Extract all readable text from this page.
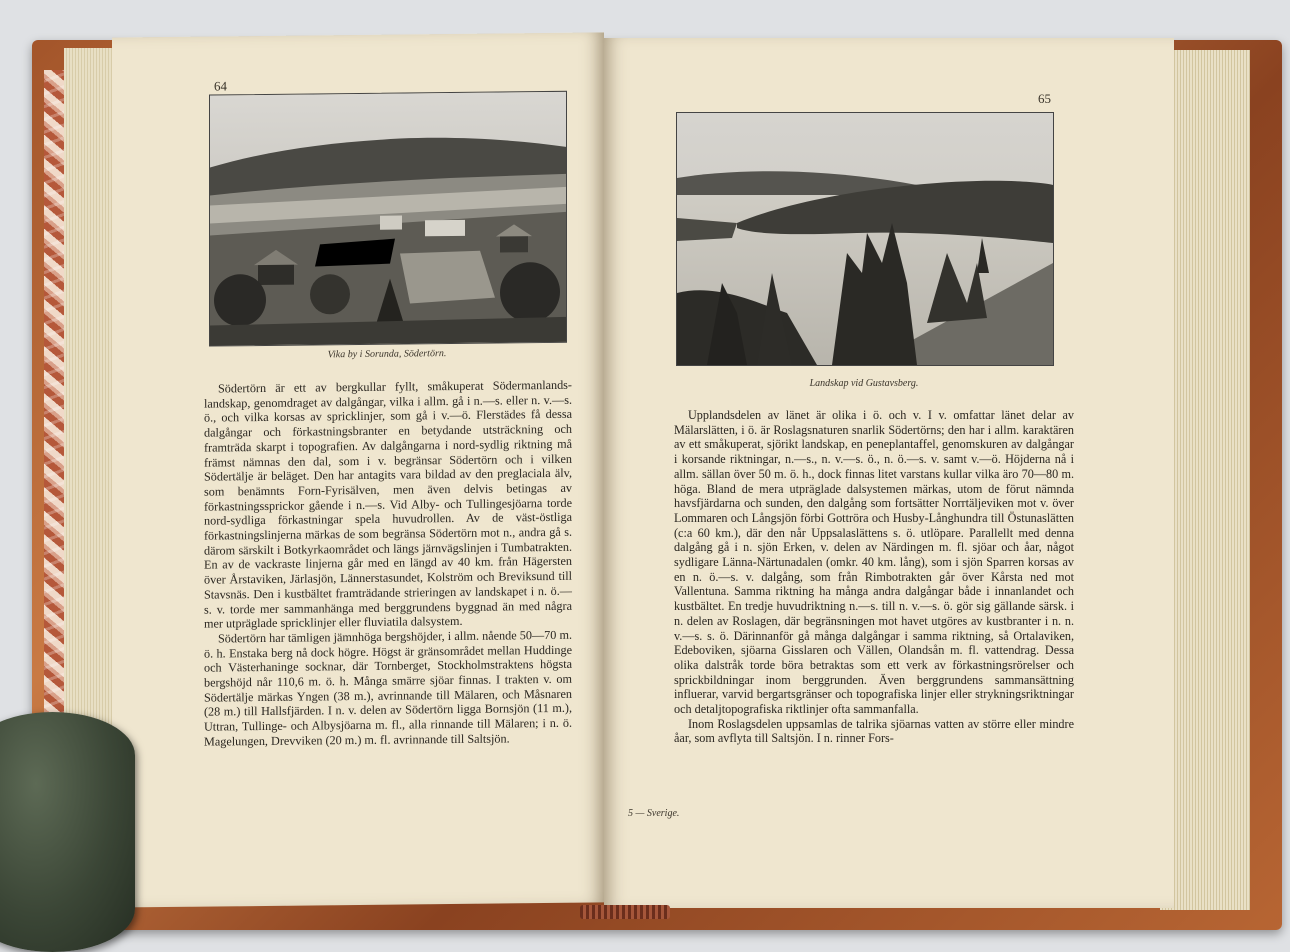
64
Vika by i Sorunda, Södertörn.

Södertörn är ett av bergkullar fyllt, småkuperat Södermanlands-landskap, genomdraget av dalgångar, vilka i allm. gå i n.—s. eller n. v.—s. ö., och vilka korsas av spricklinjer, som gå i v.—ö. Flerstädes få dessa dalgångar och förkastningsbranter en betydande utsträckning och framträda skarpt i topografien. Av dalgångarna i nord-sydlig riktning må främst nämnas den dal, som i v. begränsar Södertörn och i vilken Södertälje är beläget. Den har antagits vara bildad av den preglaciala älv, som benämnts Forn-Fyrisälven, men även delvis betingas av förkastningssprickor gående i n.—s. Vid Alby- och Tullingesjöarna torde nord-sydliga förkastningar spela huvudrollen. Av de väst-östliga förkastningslinjerna märkas de som begränsa Södertörn mot n., andra gå s. därom särskilt i Botkyrkaområdet och längs järnvägslinjen i Tumbatrakten. En av de vackraste linjerna går med en längd av 40 km. från Hägersten över Årstaviken, Järlasjön, Lännerstasundet, Kolström och Breviksund till Stavsnäs. Den i kustbältet framträdande strieringen av landskapet i n. ö.—s. v. torde mer sammanhänga med berggrundens byggnad än med några mer utpräglade spricklinjer eller fluviatila dalsystem.

Södertörn har tämligen jämnhöga bergshöjder, i allm. nående 50—70 m. ö. h. Enstaka berg nå dock högre. Högst är gränsområdet mellan Huddinge och Västerhaninge socknar, där Tornberget, Stockholmstraktens högsta bergshöjd når 110,6 m. ö. h. Många smärre sjöar finnas. I trakten v. om Södertälje märkas Yngen (38 m.), avrinnande till Mälaren, och Måsnaren (28 m.) till Hallsfjärden. I n. v. delen av Södertörn ligga Bornsjön (11 m.), Uttran, Tullinge- och Albysjöarna m. fl., alla rinnande till Mälaren; i n. ö. Magelungen, Drevviken (20 m.) m. fl. avrinnande till Saltsjön.

65
Landskap vid Gustavsberg.

Upplandsdelen av länet är olika i ö. och v. I v. omfattar länet delar av Mälarslätten, i ö. är Roslagsnaturen snarlik Södertörns; den har i allm. karaktären av ett småkuperat, sjörikt landskap, en peneplantaffel, genomskuren av dalgångar i korsande riktningar, n.—s., n. v.—s. ö., n. ö.—s. v. samt v.—ö. Höjderna nå i allm. sällan över 50 m. ö. h., dock finnas litet varstans kullar vilka äro 70—80 m. höga. Bland de mera utpräglade dalsystemen märkas, utom de förut nämnda havsfjärdarna och sunden, den dalgång som fortsätter Norrtäljeviken mot v. över Lommaren och Långsjön förbi Gottröra och Husby-Långhundra till Östunaslätten (c:a 60 km.), där den når Uppsalaslättens s. ö. utlöpare. Parallellt med denna dalgång gå i n. sjön Erken, v. delen av Närdingen m. fl. sjöar och åar, något sydligare Länna-Närtunadalen (omkr. 40 km. lång), som i sjön Sparren korsas av en n. ö.—s. v. dalgång, som från Rimbotrakten går över Kårsta ned mot Vallentuna. Samma riktning ha många andra dalgångar både i innanlandet och kustbältet. En tredje huvudriktning n.—s. till n. v.—s. ö. gör sig gällande särsk. i n. delen av Roslagen, där begränsningen mot havet utgöres av kustbranter i n. n. v.—s. s. ö. Därinnanför gå många dalgångar i samma riktning, så Ortalaviken, Edeboviken, sjöarna Gisslaren och Vällen, Olandsån m. fl. vattendrag. Dessa olika dalstråk torde böra betraktas som ett verk av förkastningsrörelser och sprickbildningar inom berggrunden. Även berggrundens sammansättning influerar, varvid bergartsgränser och topografiska linjer eller strykningsriktningar och detaljtopografiska riktlinjer ofta sammanfalla.

Inom Roslagsdelen uppsamlas de talrika sjöarnas vatten av större eller mindre åar, som avflyta till Saltsjön. I n. rinner Fors-

5 — Sverige.
